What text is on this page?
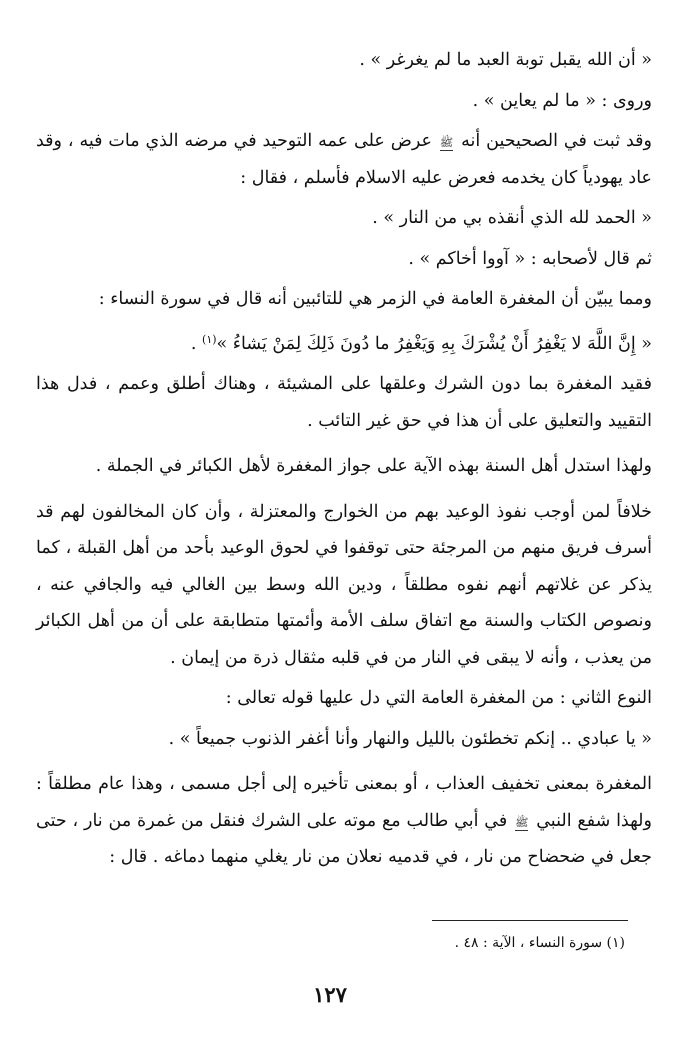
« أن الله يقبل توبة العبد ما لم يغرغر » .

وروى : « ما لم يعاين » .

وقد ثبت في الصحيحين أنه ﷺ عرض على عمه التوحيد في مرضه الذي مات فيه ، وقد عاد يهودياً كان يخدمه فعرض عليه الاسلام فأسلم ، فقال :

« الحمد لله الذي أنقذه بي من النار » .

ثم قال لأصحابه : « آووا أخاكم » .

ومما يبيّن أن المغفرة العامة في الزمر هي للتائبين أنه قال في سورة النساء :

« إِنَّ اللَّهَ لا يَغْفِرُ أَنْ يُشْرَكَ بِهِ وَيَغْفِرُ ما دُونَ ذَلِكَ لِمَنْ يَشاءُ »$^{(١)}$ .

فقيد المغفرة بما دون الشرك وعلقها على المشيئة ، وهناك أطلق وعمم ، فدل هذا التقييد والتعليق على أن هذا في حق غير التائب .

ولهذا استدل أهل السنة بهذه الآية على جواز المغفرة لأهل الكبائر في الجملة .

خلافاً لمن أوجب نفوذ الوعيد بهم من الخوارج والمعتزلة ، وأن كان المخالفون لهم قد أسرف فريق منهم من المرجئة حتى توقفوا في لحوق الوعيد بأحد من أهل القبلة ، كما يذكر عن غلاتهم أنهم نفوه مطلقاً ، ودين الله وسط بين الغالي فيه والجافي عنه ، ونصوص الكتاب والسنة مع اتفاق سلف الأمة وأئمتها متطابقة على أن من أهل الكبائر من يعذب ، وأنه لا يبقى في النار من في قلبه مثقال ذرة من إيمان .

النوع الثاني : من المغفرة العامة التي دل عليها قوله تعالى :

« يا عبادي .. إنكم تخطئون بالليل والنهار وأنا أغفر الذنوب جميعاً » .

المغفرة بمعنى تخفيف العذاب ، أو بمعنى تأخيره إلى أجل مسمى ، وهذا عام مطلقاً : ولهذا شفع النبي ﷺ في أبي طالب مع موته على الشرك فنقل من غمرة من نار ، حتى جعل في ضحضاح من نار ، في قدميه نعلان من نار يغلي منهما دماغه . قال :

(١) سورة النساء ، الآية : ٤٨ .

١٢٧
